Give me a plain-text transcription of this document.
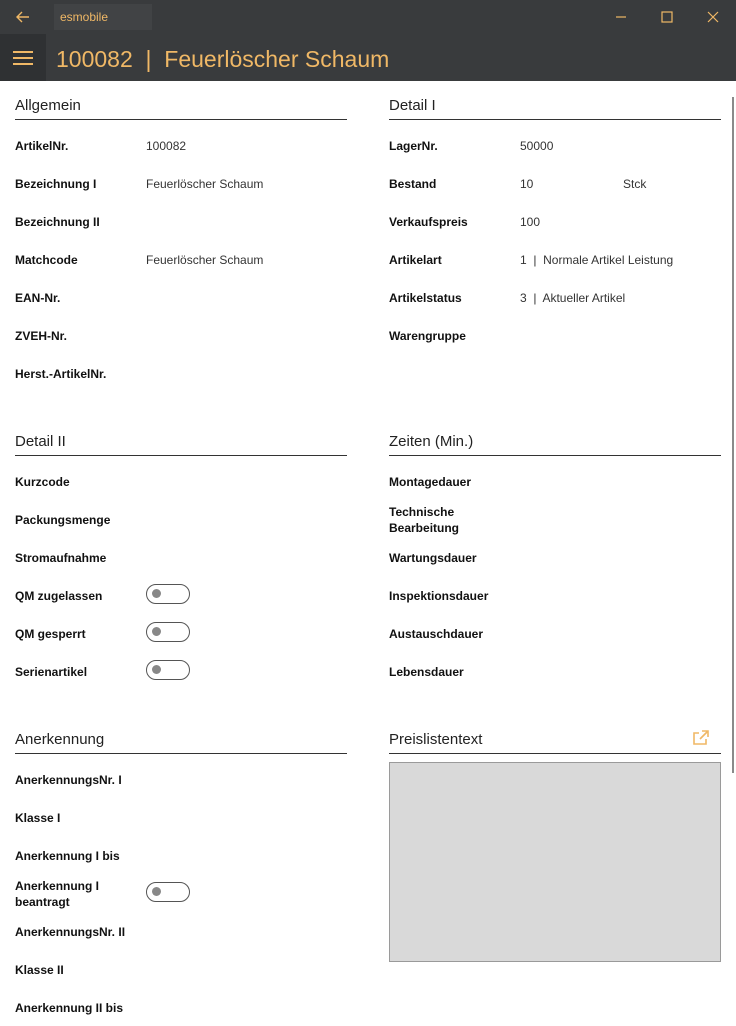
esmobile
100082  |  Feuerlöscher Schaum
Allgemein
ArtikelNr.	100082
Bezeichnung I	Feuerlöscher Schaum
Bezeichnung II
Matchcode	Feuerlöscher Schaum
EAN-Nr.
ZVEH-Nr.
Herst.-ArtikelNr.
Detail I
LagerNr.	50000
Bestand	10	Stck
Verkaufspreis	100
Artikelart	1  |  Normale Artikel Leistung
Artikelstatus	3  |  Aktueller Artikel
Warengruppe
Detail II
Kurzcode
Packungsmenge
Stromaufnahme
QM zugelassen
QM gesperrt
Serienartikel
Zeiten (Min.)
Montagedauer
Technische
Bearbeitung
Wartungsdauer
Inspektionsdauer
Austauschdauer
Lebensdauer
Anerkennung
AnerkennungsNr. I
Klasse I
Anerkennung I bis
Anerkennung I
beantragt
AnerkennungsNr. II
Klasse II
Anerkennung II bis
Preislistentext
